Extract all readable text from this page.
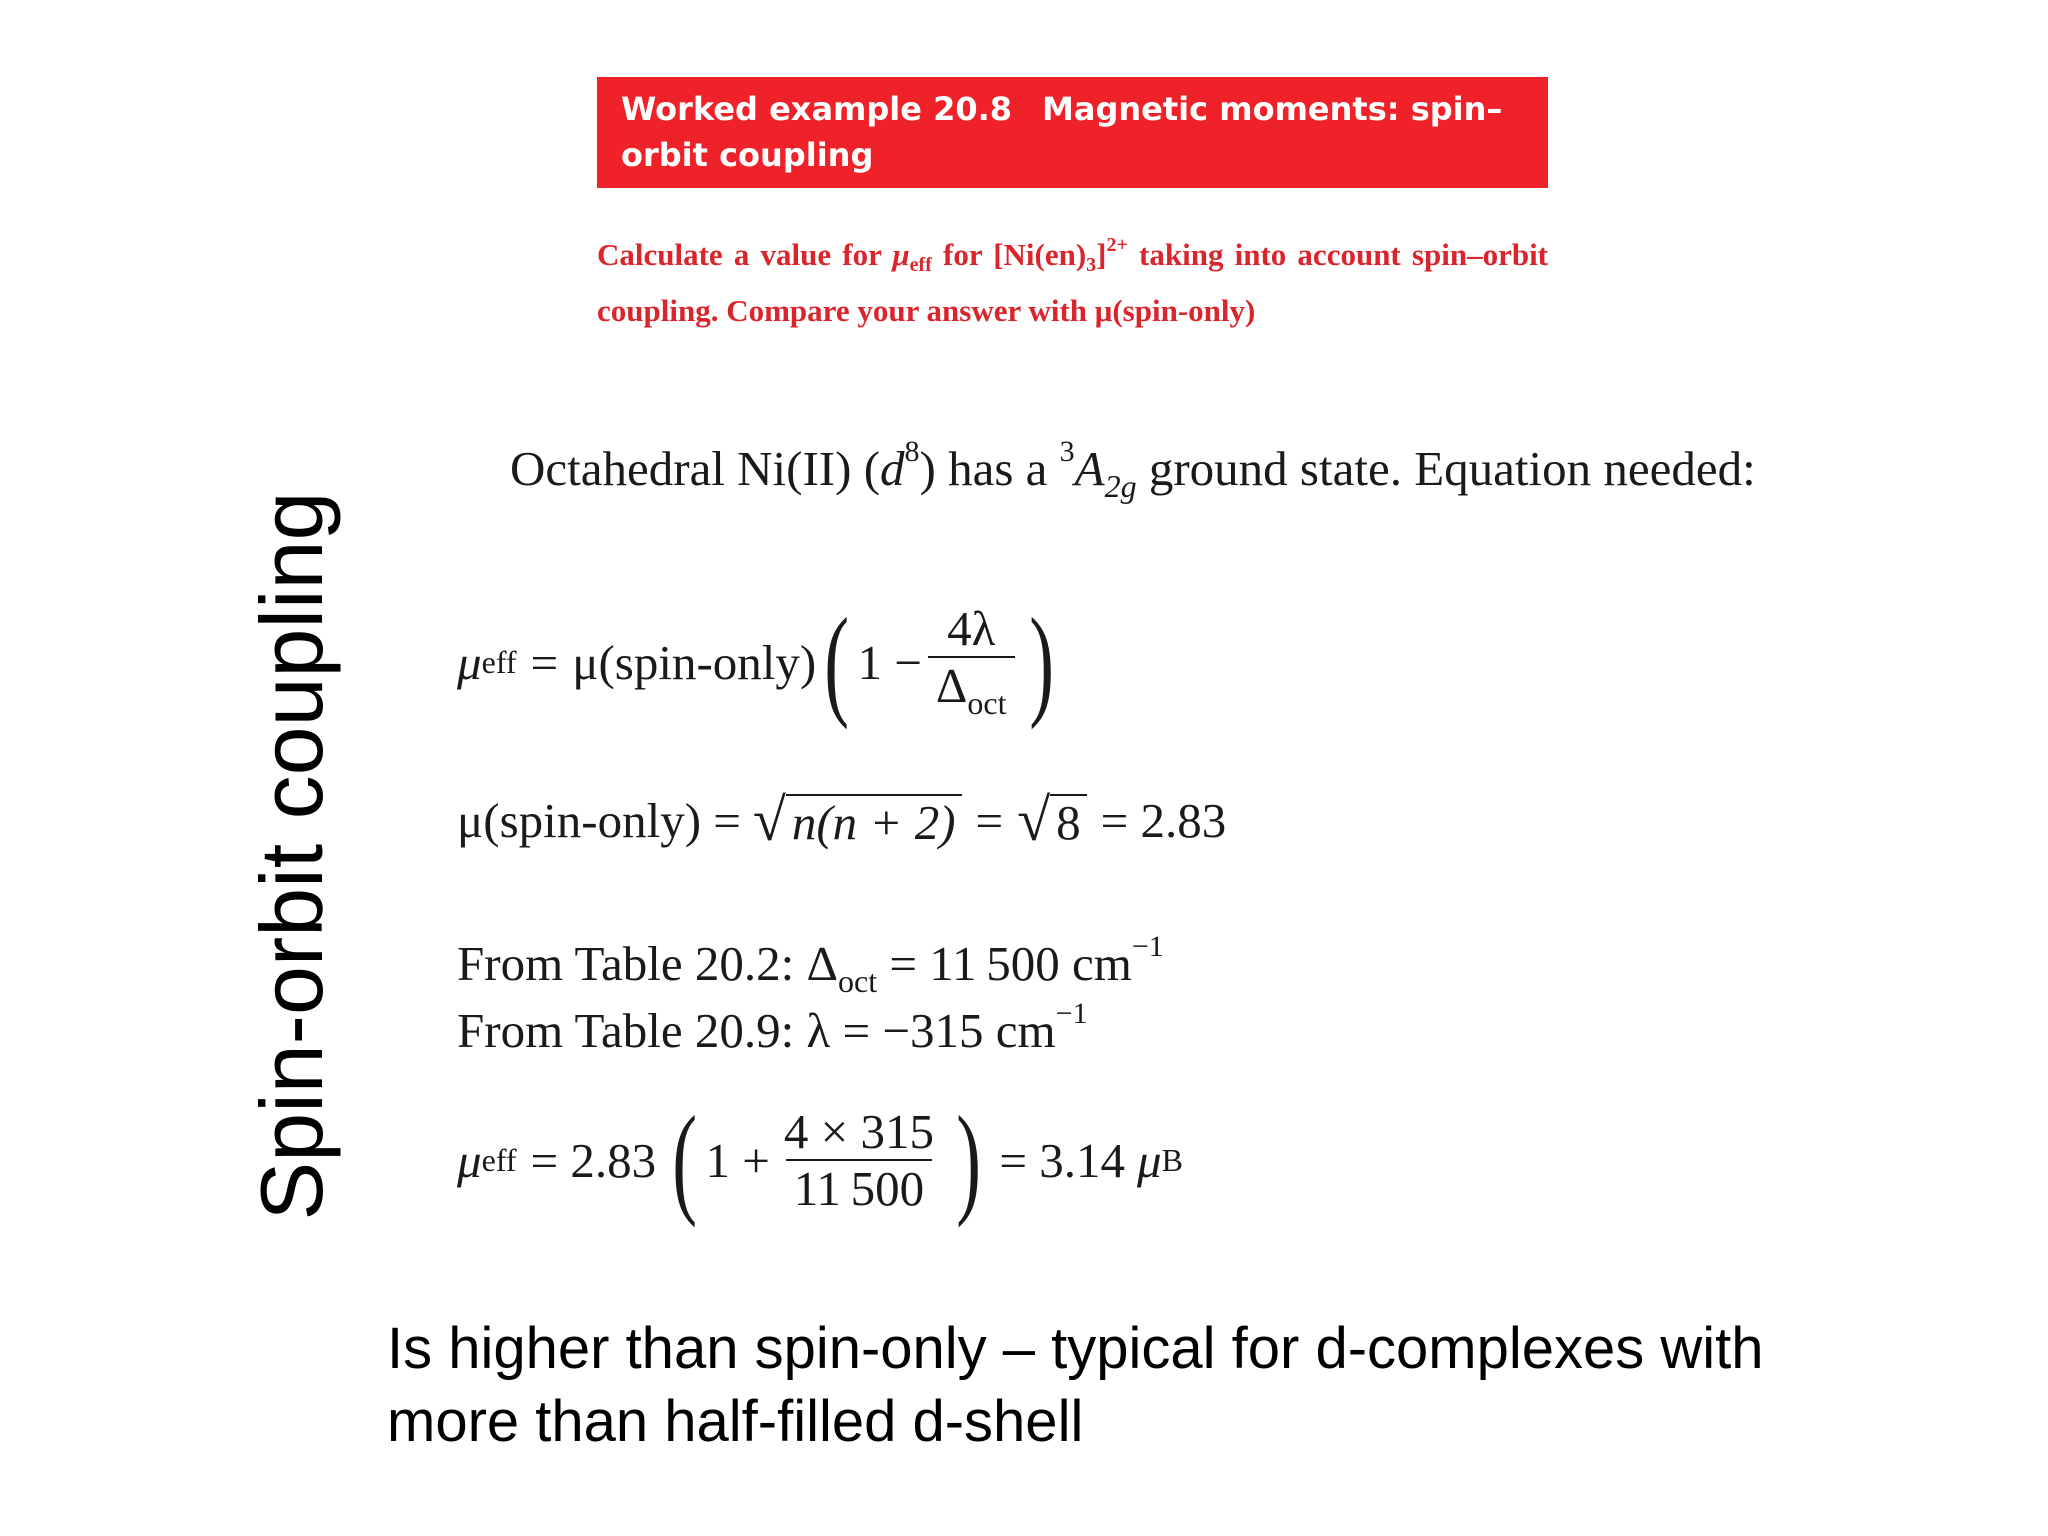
Spin-orbit coupling
Worked example 20.8 Magnetic moments: spin–orbit coupling
Calculate a value for $\mu_{eff}$ for $[Ni(en)_3]^{2+}$ taking into account spin–orbit coupling. Compare your answer with μ(spin-only)
Octahedral Ni(II) $(d^8)$ has a $^3A_{2g}$ ground state. Equation needed:
μ eff = μ(spin-only) ( $1 - \frac{4\lambda}{\Delta_{oct}}$ )
μ(spin-only) = √ n(n + 2) = √ 8 = 2.83
From Table 20.2: $\Delta_{oct} = 11$ 500 $cm^{-1}$
From Table 20.9: λ = −315 $cm^{-1}$
μ eff = 2.83 ( $1 + \frac{4 \times 315}{11 500}$ ) = 3.14 μ B
Is higher than spin-only – typical for d-complexes with more than half-filled d-shell
